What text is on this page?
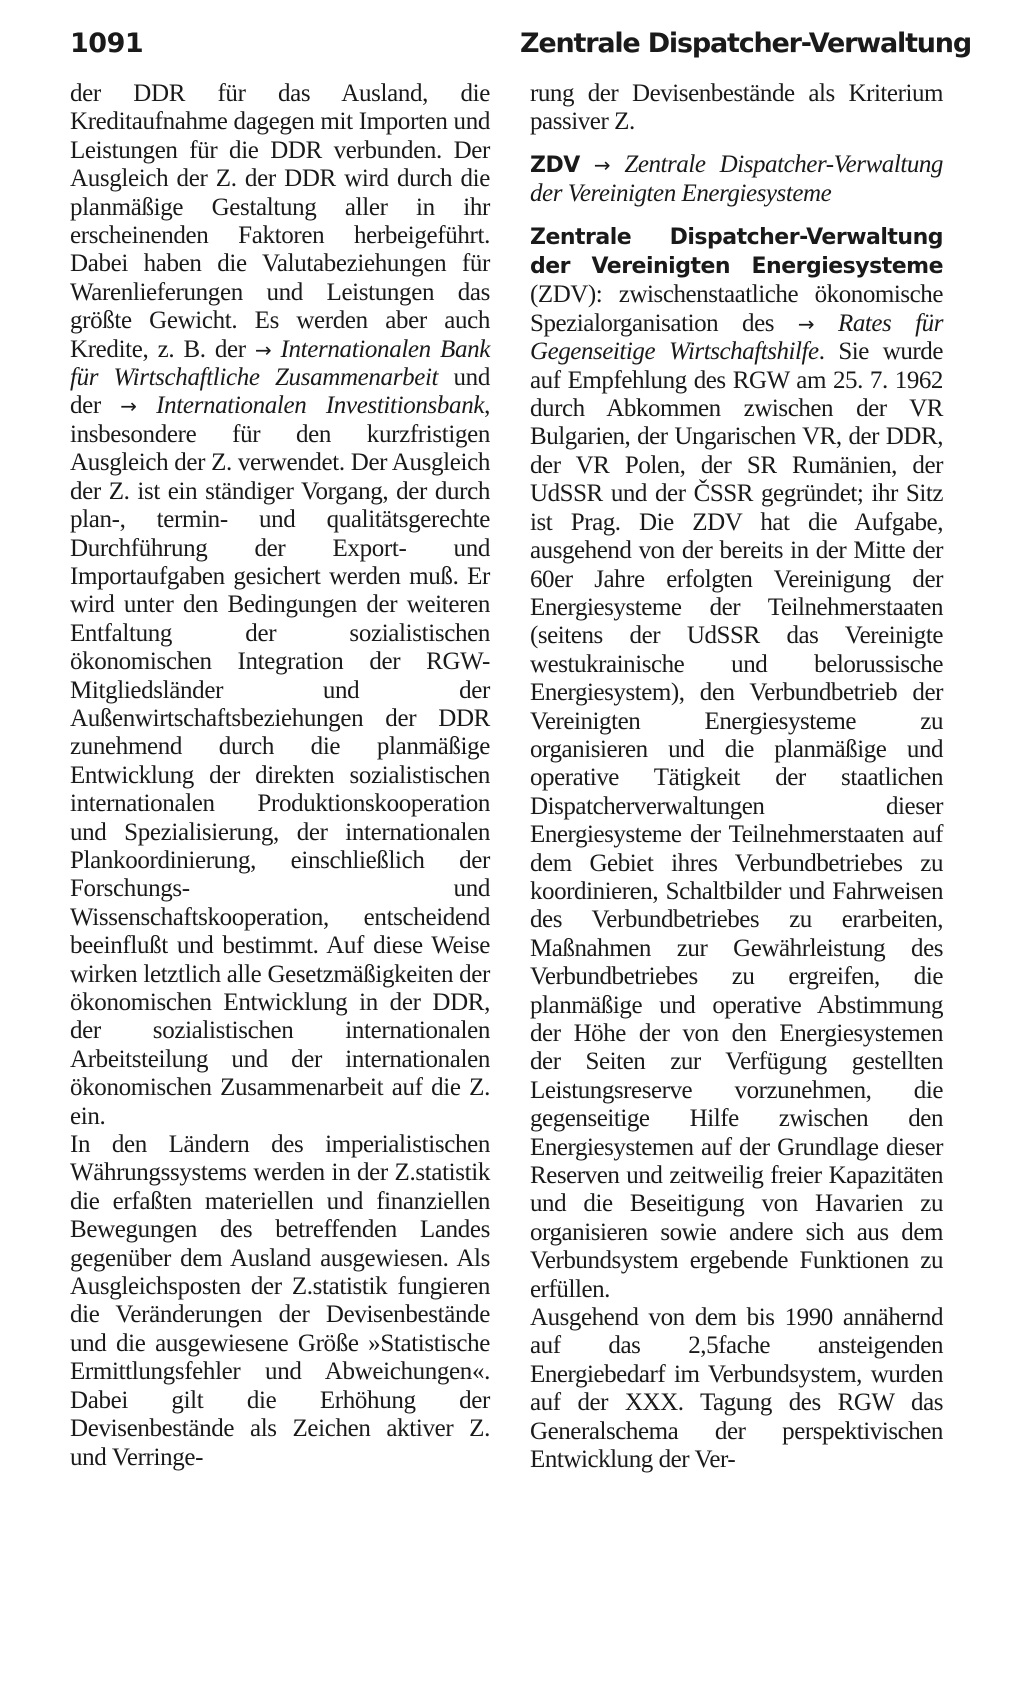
1091	Zentrale Dispatcher-Verwaltung

der DDR für das Ausland, die Kreditaufnahme dagegen mit Importen und Leistungen für die DDR verbunden. Der Ausgleich der Z. der DDR wird durch die planmäßige Gestaltung aller in ihr erscheinenden Faktoren herbeigeführt. Dabei haben die Valutabeziehungen für Warenlieferungen und Leistungen das größte Gewicht. Es werden aber auch Kredite, z. B. der → Internationalen Bank für Wirtschaftliche Zusammenarbeit und der → Internationalen Investitionsbank, insbesondere für den kurzfristigen Ausgleich der Z. verwendet. Der Ausgleich der Z. ist ein ständiger Vorgang, der durch plan-, termin- und qualitätsgerechte Durchführung der Export- und Importaufgaben gesichert werden muß. Er wird unter den Bedingungen der weiteren Entfaltung der sozialistischen ökonomischen Integration der RGW-Mitgliedsländer und der Außenwirtschaftsbeziehungen der DDR zunehmend durch die planmäßige Entwicklung der direkten sozialistischen internationalen Produktionskooperation und Spezialisierung, der internationalen Plankoordinierung, einschließlich der Forschungs- und Wissenschaftskooperation, entscheidend beeinflußt und bestimmt. Auf diese Weise wirken letztlich alle Gesetzmäßigkeiten der ökonomischen Entwicklung in der DDR, der sozialistischen internationalen Arbeitsteilung und der internationalen ökonomischen Zusammenarbeit auf die Z. ein.

In den Ländern des imperialistischen Währungssystems werden in der Z.statistik die erfaßten materiellen und finanziellen Bewegungen des betreffenden Landes gegenüber dem Ausland ausgewiesen. Als Ausgleichsposten der Z.statistik fungieren die Veränderungen der Devisenbestände und die ausgewiesene Größe »Statistische Ermittlungsfehler und Abweichungen«. Dabei gilt die Erhöhung der Devisenbestände als Zeichen aktiver Z. und Verringe-

rung der Devisenbestände als Kriterium passiver Z.

ZDV → Zentrale Dispatcher-Verwaltung der Vereinigten Energiesysteme

Zentrale Dispatcher-Verwaltung der Vereinigten Energiesysteme (ZDV): zwischenstaatliche ökonomische Spezialorganisation des → Rates für Gegenseitige Wirtschaftshilfe. Sie wurde auf Empfehlung des RGW am 25. 7. 1962 durch Abkommen zwischen der VR Bulgarien, der Ungarischen VR, der DDR, der VR Polen, der SR Rumänien, der UdSSR und der ČSSR gegründet; ihr Sitz ist Prag. Die ZDV hat die Aufgabe, ausgehend von der bereits in der Mitte der 60er Jahre erfolgten Vereinigung der Energiesysteme der Teilnehmerstaaten (seitens der UdSSR das Vereinigte westukrainische und belorussische Energiesystem), den Verbundbetrieb der Vereinigten Energiesysteme zu organisieren und die planmäßige und operative Tätigkeit der staatlichen Dispatcherverwaltungen dieser Energiesysteme der Teilnehmerstaaten auf dem Gebiet ihres Verbundbetriebes zu koordinieren, Schaltbilder und Fahrweisen des Verbundbetriebes zu erarbeiten, Maßnahmen zur Gewährleistung des Verbundbetriebes zu ergreifen, die planmäßige und operative Abstimmung der Höhe der von den Energiesystemen der Seiten zur Verfügung gestellten Leistungsreserve vorzunehmen, die gegenseitige Hilfe zwischen den Energiesystemen auf der Grundlage dieser Reserven und zeitweilig freier Kapazitäten und die Beseitigung von Havarien zu organisieren sowie andere sich aus dem Verbundsystem ergebende Funktionen zu erfüllen.

Ausgehend von dem bis 1990 annähernd auf das 2,5fache ansteigenden Energiebedarf im Verbundsystem, wurden auf der XXX. Tagung des RGW das Generalschema der perspektivischen Entwicklung der Ver-
